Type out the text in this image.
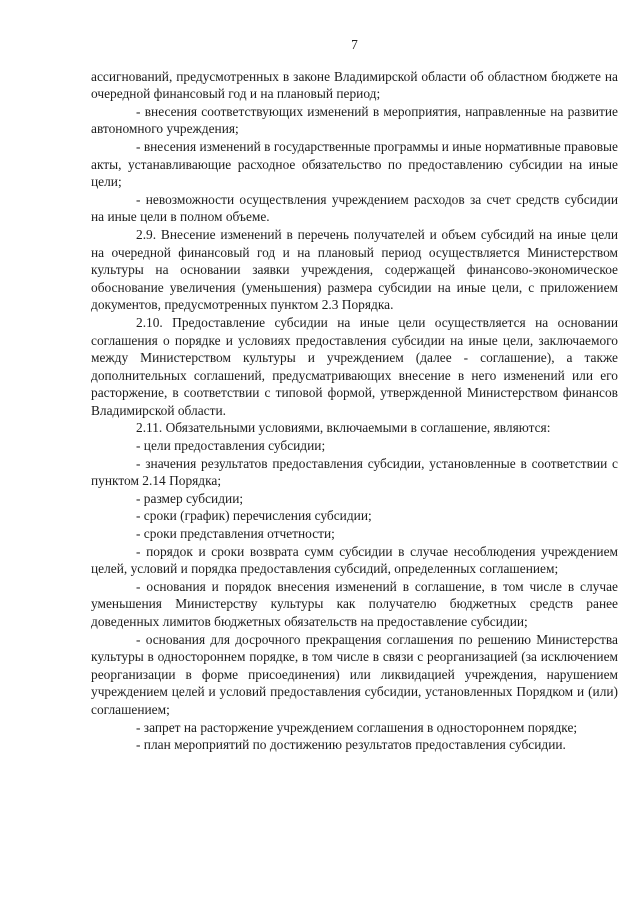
7

ассигнований, предусмотренных в законе Владимирской области об областном бюджете на очередной финансовый год и на плановый период;

- внесения соответствующих изменений в мероприятия, направленные на развитие автономного учреждения;

- внесения изменений в государственные программы и иные нормативные правовые акты, устанавливающие расходное обязательство по предоставлению субсидии на иные цели;

- невозможности осуществления учреждением расходов за счет средств субсидии на иные цели в полном объеме.

2.9. Внесение изменений в перечень получателей и объем субсидий на иные цели на очередной финансовый год и на плановый период осуществляется Министерством культуры на основании заявки учреждения, содержащей финансово-экономическое обоснование увеличения (уменьшения) размера субсидии на иные цели, с приложением документов, предусмотренных пунктом 2.3 Порядка.

2.10. Предоставление субсидии на иные цели осуществляется на основании соглашения о порядке и условиях предоставления субсидии на иные цели, заключаемого между Министерством культуры и учреждением (далее - соглашение), а также дополнительных соглашений, предусматривающих внесение в него изменений или его расторжение, в соответствии с типовой формой, утвержденной Министерством финансов Владимирской области.

2.11. Обязательными условиями, включаемыми в соглашение, являются:

- цели предоставления субсидии;

- значения результатов предоставления субсидии, установленные в соответствии с пунктом 2.14 Порядка;

- размер субсидии;

- сроки (график) перечисления субсидии;

- сроки представления отчетности;

- порядок и сроки возврата сумм субсидии в случае несоблюдения учреждением целей, условий и порядка предоставления субсидий, определенных соглашением;

- основания и порядок внесения изменений в соглашение, в том числе в случае уменьшения Министерству культуры как получателю бюджетных средств ранее доведенных лимитов бюджетных обязательств на предоставление субсидии;

- основания для досрочного прекращения соглашения по решению Министерства культуры в одностороннем порядке, в том числе в связи с реорганизацией (за исключением реорганизации в форме присоединения) или ликвидацией учреждения, нарушением учреждением целей и условий предоставления субсидии, установленных Порядком и (или) соглашением;

- запрет на расторжение учреждением соглашения в одностороннем порядке;

- план мероприятий по достижению результатов предоставления субсидии.
